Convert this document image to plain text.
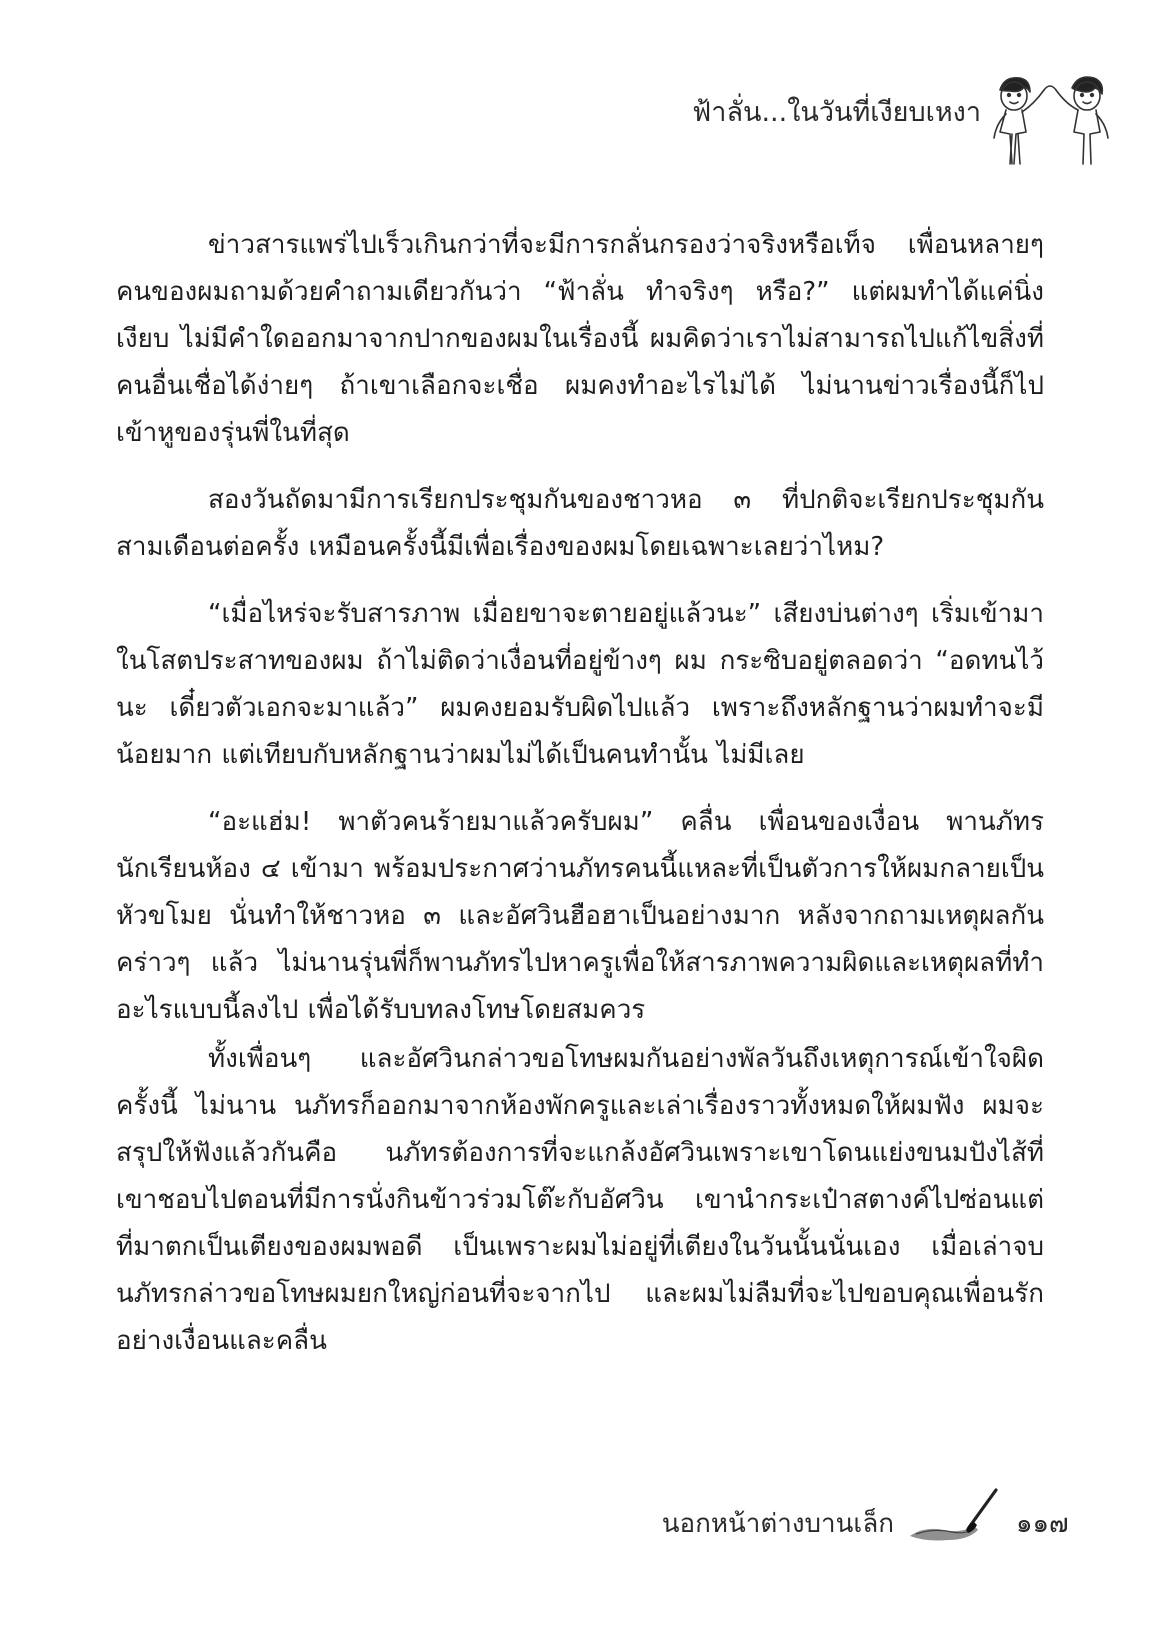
ฟ้าลั่น...ในวันที่เงียบเหงา

ข่าวสารแพร่ไปเร็วเกินกว่าที่จะมีการกลั่นกรองว่าจริงหรือเท็จ เพื่อนหลายๆ คนของผมถามด้วยคำถามเดียวกันว่า “ฟ้าลั่น ทำจริงๆ หรือ?” แต่ผมทำได้แค่นิ่งเงียบ ไม่มีคำใดออกมาจากปากของผมในเรื่องนี้ ผมคิดว่าเราไม่สามารถไปแก้ไขสิ่งที่คนอื่นเชื่อได้ง่ายๆ ถ้าเขาเลือกจะเชื่อ ผมคงทำอะไรไม่ได้ ไม่นานข่าวเรื่องนี้ก็ไปเข้าหูของรุ่นพี่ในที่สุด

สองวันถัดมามีการเรียกประชุมกันของชาวหอ ๓ ที่ปกติจะเรียกประชุมกันสามเดือนต่อครั้ง เหมือนครั้งนี้มีเพื่อเรื่องของผมโดยเฉพาะเลยว่าไหม?

“เมื่อไหร่จะรับสารภาพ เมื่อยขาจะตายอยู่แล้วนะ” เสียงบ่นต่างๆ เริ่มเข้ามาในโสตประสาทของผม ถ้าไม่ติดว่าเงื่อนที่อยู่ข้างๆ ผม กระซิบอยู่ตลอดว่า “อดทนไว้นะ เดี๋ยวตัวเอกจะมาแล้ว” ผมคงยอมรับผิดไปแล้ว เพราะถึงหลักฐานว่าผมทำจะมีน้อยมาก แต่เทียบกับหลักฐานว่าผมไม่ได้เป็นคนทำนั้น ไม่มีเลย

“อะแฮ่ม! พาตัวคนร้ายมาแล้วครับผม” คลื่น เพื่อนของเงื่อน พานภัทรนักเรียนห้อง ๔ เข้ามา พร้อมประกาศว่านภัทรคนนี้แหละที่เป็นตัวการให้ผมกลายเป็นหัวขโมย นั่นทำให้ชาวหอ ๓ และอัศวินฮือฮาเป็นอย่างมาก หลังจากถามเหตุผลกันคร่าวๆ แล้ว ไม่นานรุ่นพี่ก็พานภัทรไปหาครูเพื่อให้สารภาพความผิดและเหตุผลที่ทำอะไรแบบนี้ลงไป เพื่อได้รับบทลงโทษโดยสมควร

ทั้งเพื่อนๆ และอัศวินกล่าวขอโทษผมกันอย่างพัลวันถึงเหตุการณ์เข้าใจผิดครั้งนี้ ไม่นาน นภัทรก็ออกมาจากห้องพักครูและเล่าเรื่องราวทั้งหมดให้ผมฟัง ผมจะสรุปให้ฟังแล้วกันคือ นภัทรต้องการที่จะแกล้งอัศวินเพราะเขาโดนแย่งขนมปังไส้ที่เขาชอบไปตอนที่มีการนั่งกินข้าวร่วมโต๊ะกับอัศวิน เขานำกระเป๋าสตางค์ไปซ่อนแต่ที่มาตกเป็นเตียงของผมพอดี เป็นเพราะผมไม่อยู่ที่เตียงในวันนั้นนั่นเอง เมื่อเล่าจบนภัทรกล่าวขอโทษผมยกใหญ่ก่อนที่จะจากไป และผมไม่ลืมที่จะไปขอบคุณเพื่อนรักอย่างเงื่อนและคลื่น

นอกหน้าต่างบานเล็ก	๑๑๗
